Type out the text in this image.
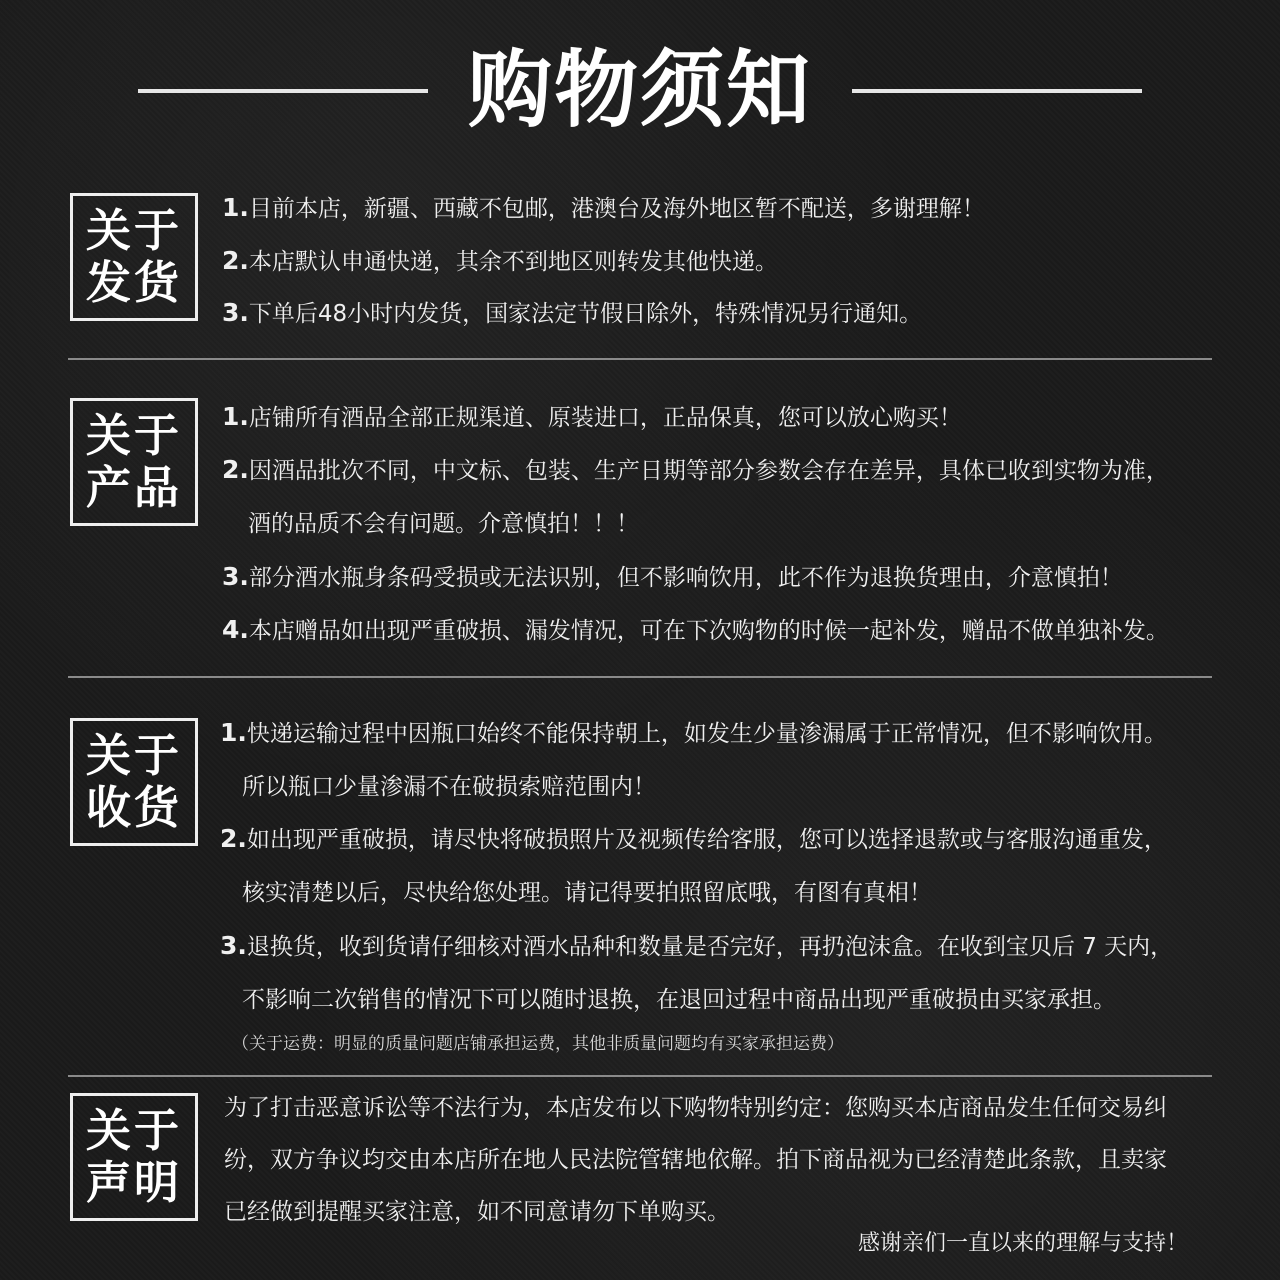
购物须知
关于
发货
1.目前本店，新疆、西藏不包邮，港澳台及海外地区暂不配送，多谢理解！
2.本店默认申通快递，其余不到地区则转发其他快递。
3.下单后48小时内发货，国家法定节假日除外，特殊情况另行通知。
关于
产品
1.店铺所有酒品全部正规渠道、原装进口，正品保真，您可以放心购买！
2.因酒品批次不同，中文标、包装、生产日期等部分参数会存在差异，具体已收到实物为准，
酒的品质不会有问题。介意慎拍！！！
3.部分酒水瓶身条码受损或无法识别，但不影响饮用，此不作为退换货理由，介意慎拍！
4.本店赠品如出现严重破损、漏发情况，可在下次购物的时候一起补发，赠品不做单独补发。
关于
收货
1.快递运输过程中因瓶口始终不能保持朝上，如发生少量渗漏属于正常情况，但不影响饮用。
所以瓶口少量渗漏不在破损索赔范围内！
2.如出现严重破损，请尽快将破损照片及视频传给客服，您可以选择退款或与客服沟通重发，
核实清楚以后，尽快给您处理。请记得要拍照留底哦，有图有真相！
3.退换货，收到货请仔细核对酒水品种和数量是否完好，再扔泡沫盒。在收到宝贝后 7 天内，
不影响二次销售的情况下可以随时退换，在退回过程中商品出现严重破损由买家承担。
（关于运费：明显的质量问题店铺承担运费，其他非质量问题均有买家承担运费）
关于
声明
为了打击恶意诉讼等不法行为，本店发布以下购物特别约定：您购买本店商品发生任何交易纠
纷，双方争议均交由本店所在地人民法院管辖地依解。拍下商品视为已经清楚此条款，且卖家
已经做到提醒买家注意，如不同意请勿下单购买。
感谢亲们一直以来的理解与支持！
